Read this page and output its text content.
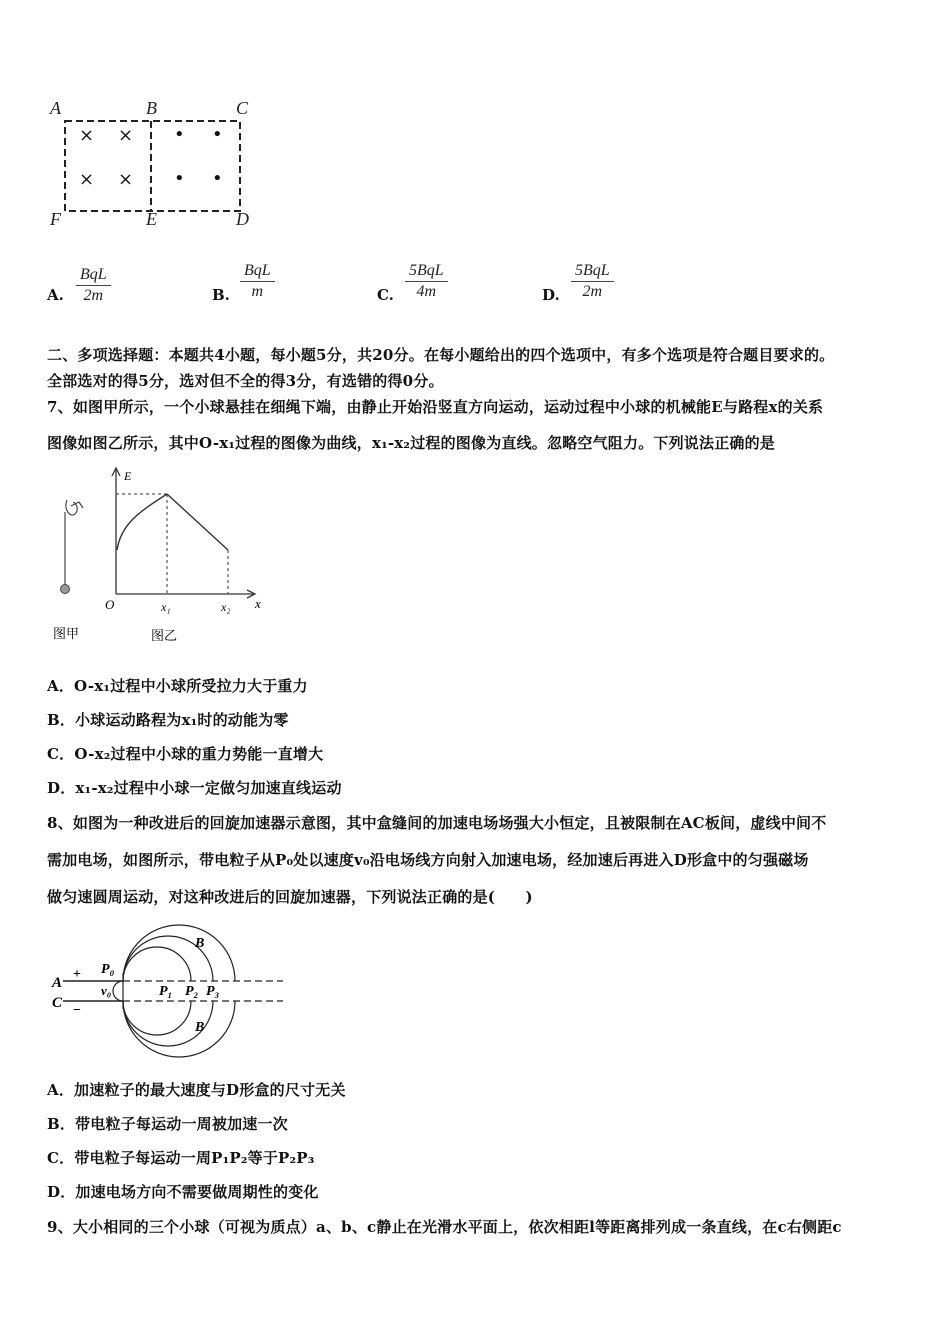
A	B	C
F	E	D
× ×
× ×
• •
• •
A.
BqL
2m	B.
BqL
m	C.
5BqL
4m	D.
5BqL
2m
二、多项选择题：本题共4小题，每小题5分，共20分。在每小题给出的四个选项中，有多个选项是符合题目要求的。
全部选对的得5分，选对但不全的得3分，有选错的得0分。
7、如图甲所示，一个小球悬挂在细绳下端，由静止开始沿竖直方向运动，运动过程中小球的机械能E与路程x的关系
图像如图乙所示，其中O-x₁过程的图像为曲线，x₁-x₂过程的图像为直线。忽略空气阻力。下列说法正确的是
E
x
O	x₁	x₂
图甲	图乙
A．O-x₁过程中小球所受拉力大于重力
B．小球运动路程为x₁时的动能为零
C．O-x₂过程中小球的重力势能一直增大
D．x₁-x₂过程中小球一定做匀加速直线运动
8、如图为一种改进后的回旋加速器示意图，其中盒缝间的加速电场场强大小恒定，且被限制在AC板间，虚线中间不
需加电场，如图所示，带电粒子从P₀处以速度v₀沿电场线方向射入加速电场，经加速后再进入D形盒中的匀强磁场
做匀速圆周运动，对这种改进后的回旋加速器，下列说法正确的是(　　)
A
C
+
−
P₀
v₀	P₁ P₂ P₃
B
B
A．加速粒子的最大速度与D形盒的尺寸无关
B．带电粒子每运动一周被加速一次
C．带电粒子每运动一周P₁P₂等于P₂P₃
D．加速电场方向不需要做周期性的变化
9、大小相同的三个小球（可视为质点）a、b、c静止在光滑水平面上，依次相距l等距离排列成一条直线，在c右侧距c
